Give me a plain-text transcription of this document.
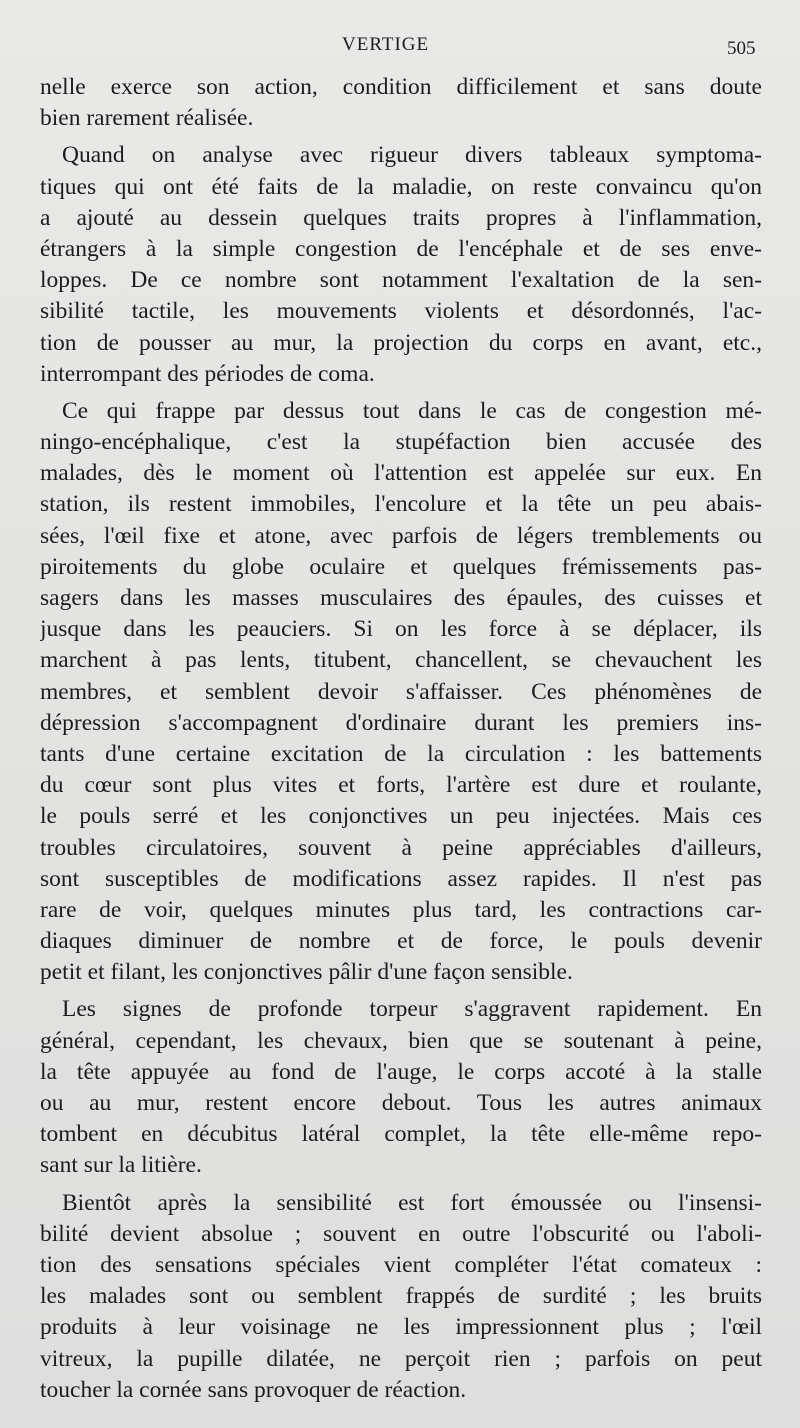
VERTIGE	505
nelle exerce son action, condition difficilement et sans doute
bien rarement réalisée.
Quand on analyse avec rigueur divers tableaux symptoma-
tiques qui ont été faits de la maladie, on reste convaincu qu'on
a ajouté au dessein quelques traits propres à l'inflammation,
étrangers à la simple congestion de l'encéphale et de ses enve-
loppes. De ce nombre sont notamment l'exaltation de la sen-
sibilité tactile, les mouvements violents et désordonnés, l'ac-
tion de pousser au mur, la projection du corps en avant, etc.,
interrompant des périodes de coma.
Ce qui frappe par dessus tout dans le cas de congestion mé-
ningo-encéphalique, c'est la stupéfaction bien accusée des
malades, dès le moment où l'attention est appelée sur eux. En
station, ils restent immobiles, l'encolure et la tête un peu abais-
sées, l'œil fixe et atone, avec parfois de légers tremblements ou
piroitements du globe oculaire et quelques frémissements pas-
sagers dans les masses musculaires des épaules, des cuisses et
jusque dans les peauciers. Si on les force à se déplacer, ils
marchent à pas lents, titubent, chancellent, se chevauchent les
membres, et semblent devoir s'affaisser. Ces phénomènes de
dépression s'accompagnent d'ordinaire durant les premiers ins-
tants d'une certaine excitation de la circulation : les battements
du cœur sont plus vites et forts, l'artère est dure et roulante,
le pouls serré et les conjonctives un peu injectées. Mais ces
troubles circulatoires, souvent à peine appréciables d'ailleurs,
sont susceptibles de modifications assez rapides. Il n'est pas
rare de voir, quelques minutes plus tard, les contractions car-
diaques diminuer de nombre et de force, le pouls devenir
petit et filant, les conjonctives pâlir d'une façon sensible.
Les signes de profonde torpeur s'aggravent rapidement. En
général, cependant, les chevaux, bien que se soutenant à peine,
la tête appuyée au fond de l'auge, le corps accoté à la stalle
ou au mur, restent encore debout. Tous les autres animaux
tombent en décubitus latéral complet, la tête elle-même repo-
sant sur la litière.
Bientôt après la sensibilité est fort émoussée ou l'insensi-
bilité devient absolue ; souvent en outre l'obscurité ou l'aboli-
tion des sensations spéciales vient compléter l'état comateux :
les malades sont ou semblent frappés de surdité ; les bruits
produits à leur voisinage ne les impressionnent plus ; l'œil
vitreux, la pupille dilatée, ne perçoit rien ; parfois on peut
toucher la cornée sans provoquer de réaction.
